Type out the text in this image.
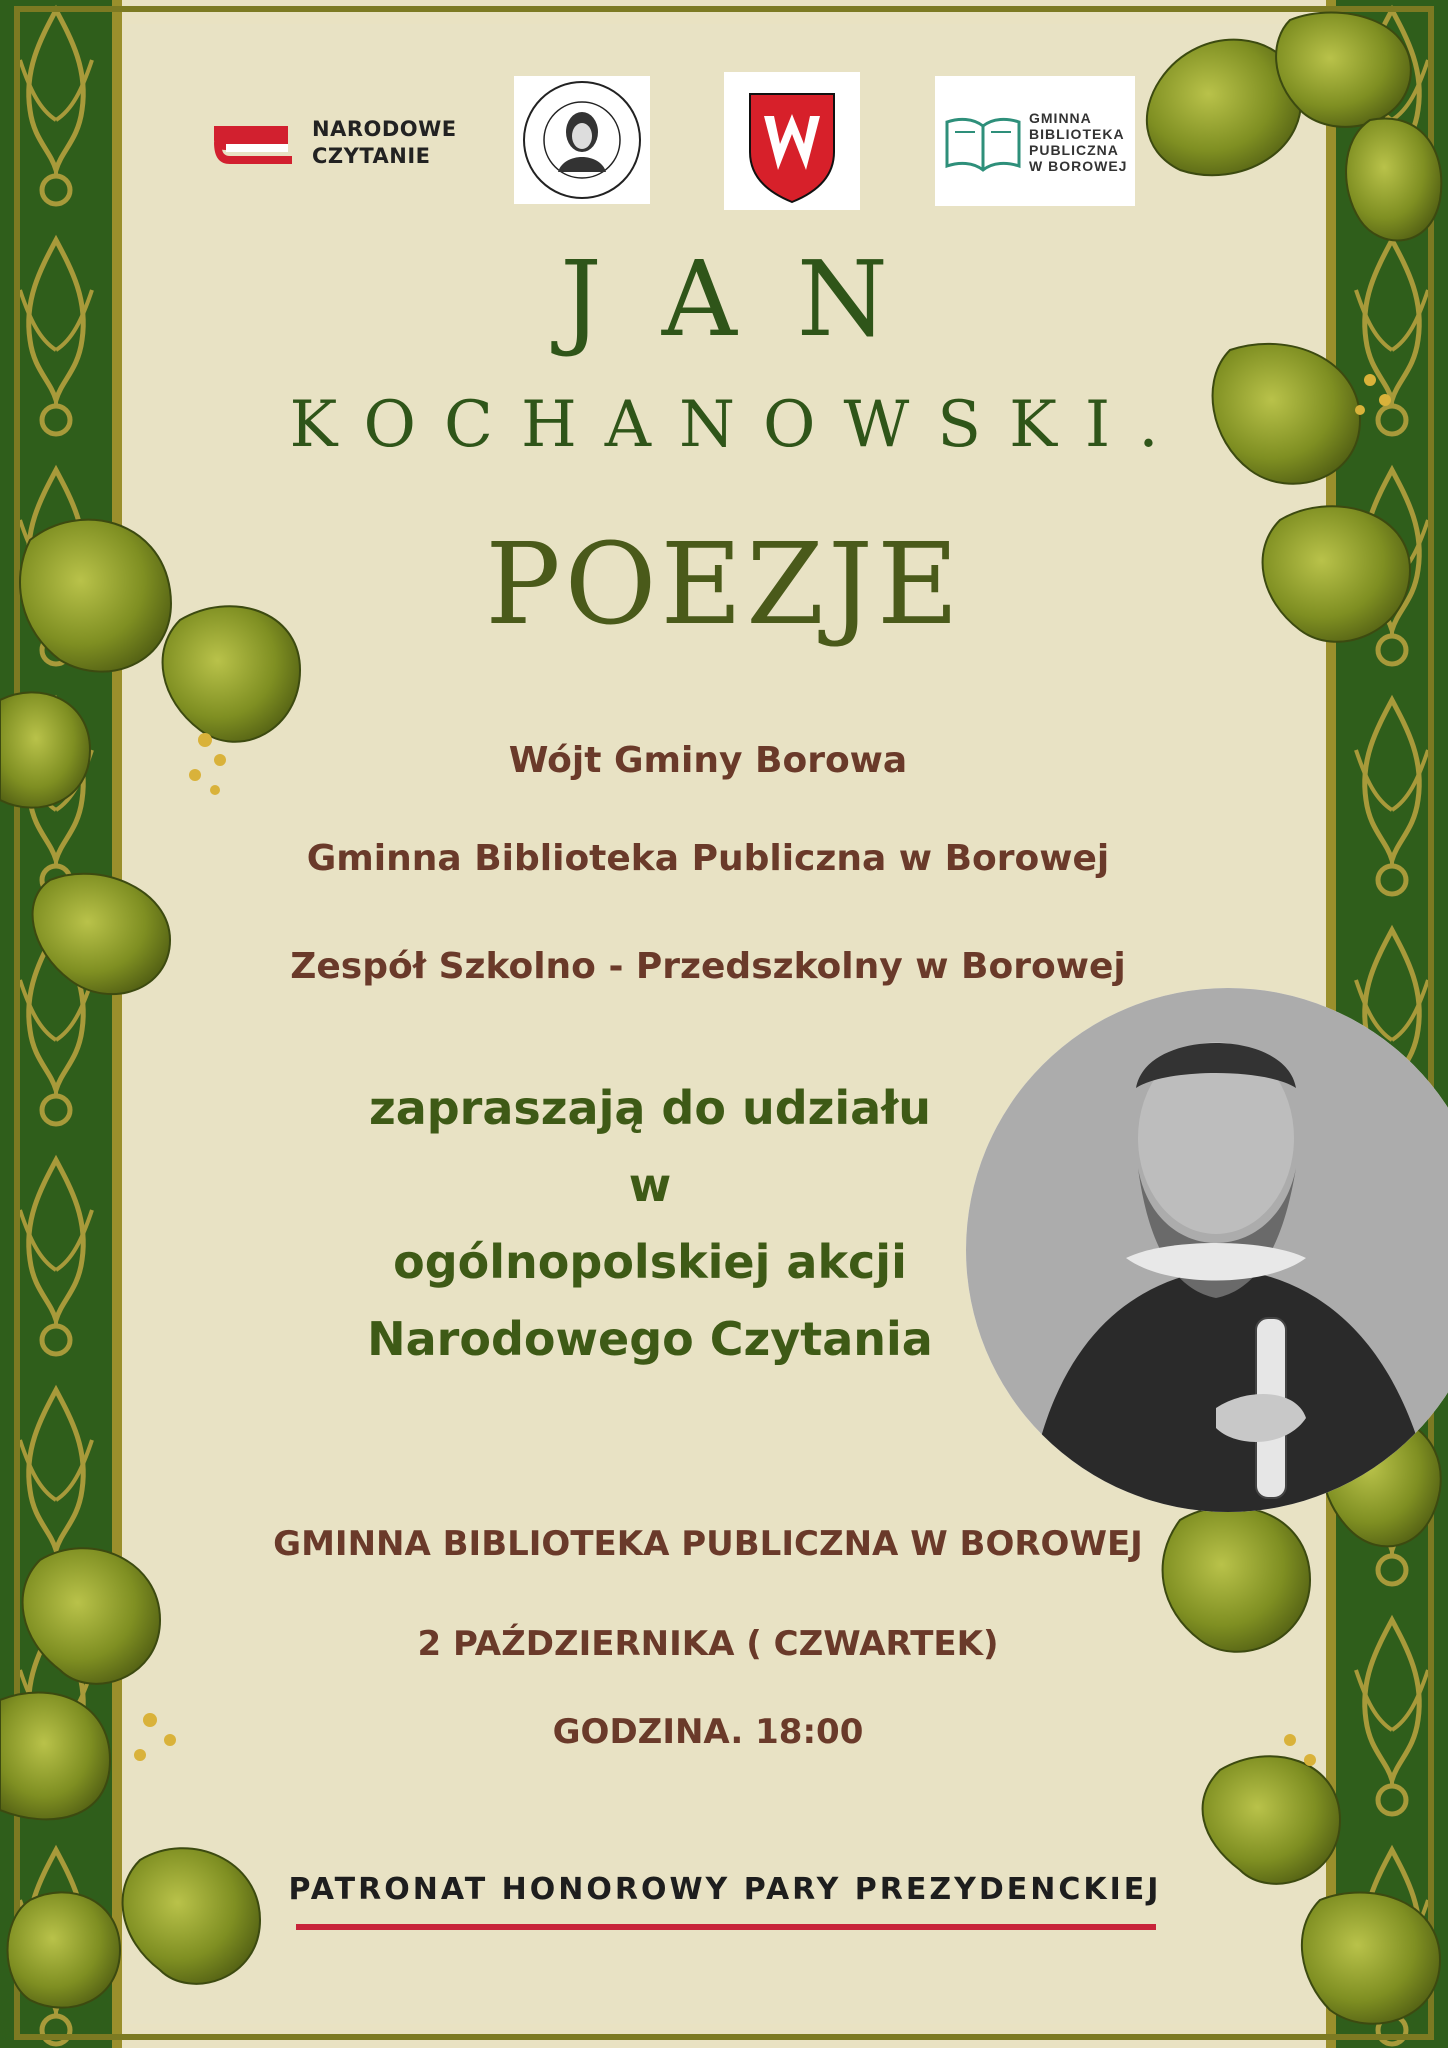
NARODOWE
CZYTANIE
GMINNA
BIBLIOTEKA
PUBLICZNA
W BOROWEJ
JAN
KOCHANOWSKI.
POEZJE
Wójt Gminy Borowa
Gminna Biblioteka Publiczna w Borowej
Zespół Szkolno - Przedszkolny w Borowej
zapraszają do udziału
w
ogólnopolskiej akcji
Narodowego Czytania
GMINNA BIBLIOTEKA PUBLICZNA W BOROWEJ
2 PAŹDZIERNIKA ( CZWARTEK)
GODZINA. 18:00
PATRONAT HONOROWY PARY PREZYDENCKIEJ
